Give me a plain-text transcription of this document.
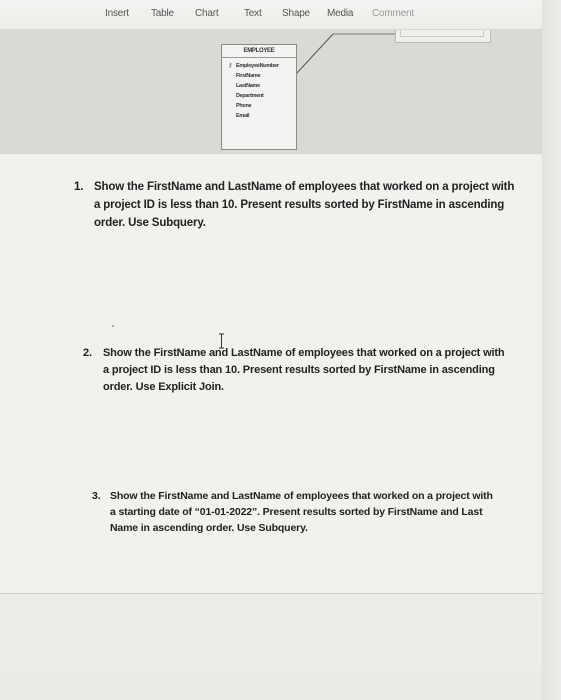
Insert Table Chart	Text Shape Media Comment
EMPLOYEE
⚷ EmployeeNumber
FirstName
LastName
Department
Phone
Email
1. Show the FirstName and LastName of employees that worked on a project with
a project ID is less than 10. Present results sorted by FirstName in ascending
order. Use Subquery.
2. Show the FirstName and LastName of employees that worked on a project with
a project ID is less than 10. Present results sorted by FirstName in ascending
order. Use Explicit Join.
3. Show the FirstName and LastName of employees that worked on a project with
a starting date of “01-01-2022”. Present results sorted by FirstName and Last
Name in ascending order. Use Subquery.
